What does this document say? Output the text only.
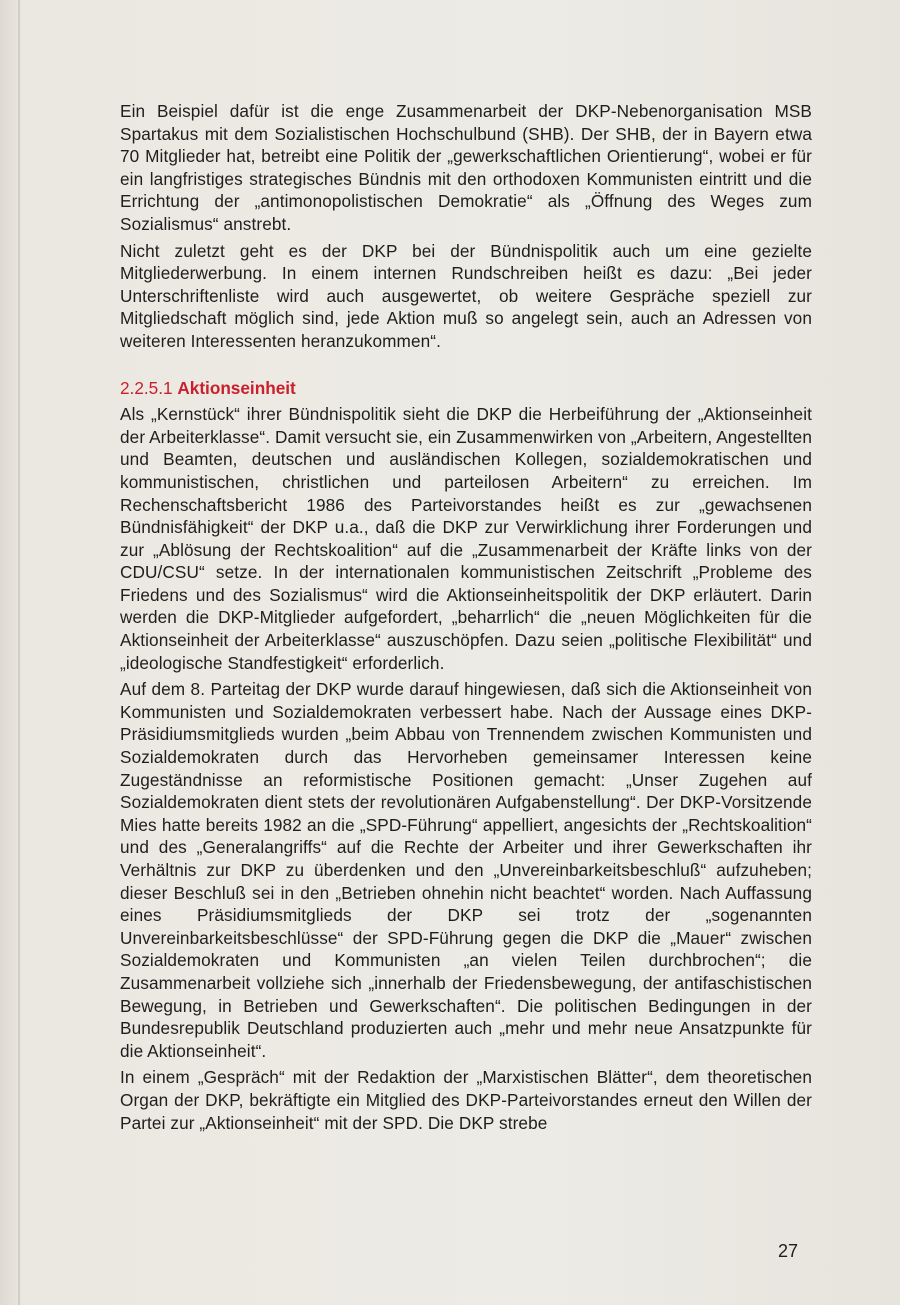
Ein Beispiel dafür ist die enge Zusammenarbeit der DKP-Nebenorganisation MSB Spartakus mit dem Sozialistischen Hochschulbund (SHB). Der SHB, der in Bayern etwa 70 Mitglieder hat, betreibt eine Politik der „gewerkschaftlichen Orientierung“, wobei er für ein langfristiges strategisches Bündnis mit den orthodoxen Kommunisten eintritt und die Errichtung der „antimonopolistischen Demokratie“ als „Öffnung des Weges zum Sozialismus“ anstrebt.

Nicht zuletzt geht es der DKP bei der Bündnispolitik auch um eine gezielte Mitgliederwerbung. In einem internen Rundschreiben heißt es dazu: „Bei jeder Unterschriftenliste wird auch ausgewertet, ob weitere Gespräche speziell zur Mitgliedschaft möglich sind, jede Aktion muß so angelegt sein, auch an Adressen von weiteren Interessenten heranzukommen“.

2.2.5.1 Aktionseinheit

Als „Kernstück“ ihrer Bündnispolitik sieht die DKP die Herbeiführung der „Aktionseinheit der Arbeiterklasse“. Damit versucht sie, ein Zusammenwirken von „Arbeitern, Angestellten und Beamten, deutschen und ausländischen Kollegen, sozialdemokratischen und kommunistischen, christlichen und parteilosen Arbeitern“ zu erreichen. Im Rechenschaftsbericht 1986 des Parteivorstandes heißt es zur „gewachsenen Bündnisfähigkeit“ der DKP u.a., daß die DKP zur Verwirklichung ihrer Forderungen und zur „Ablösung der Rechtskoalition“ auf die „Zusammenarbeit der Kräfte links von der CDU/CSU“ setze. In der internationalen kommunistischen Zeitschrift „Probleme des Friedens und des Sozialismus“ wird die Aktionseinheitspolitik der DKP erläutert. Darin werden die DKP-Mitglieder aufgefordert, „beharrlich“ die „neuen Möglichkeiten für die Aktionseinheit der Arbeiterklasse“ auszuschöpfen. Dazu seien „politische Flexibilität“ und „ideologische Standfestigkeit“ erforderlich.

Auf dem 8. Parteitag der DKP wurde darauf hingewiesen, daß sich die Aktionseinheit von Kommunisten und Sozialdemokraten verbessert habe. Nach der Aussage eines DKP-Präsidiumsmitglieds wurden „beim Abbau von Trennendem zwischen Kommunisten und Sozialdemokraten durch das Hervorheben gemeinsamer Interessen keine Zugeständnisse an reformistische Positionen gemacht: „Unser Zugehen auf Sozialdemokraten dient stets der revolutionären Aufgabenstellung“. Der DKP-Vorsitzende Mies hatte bereits 1982 an die „SPD-Führung“ appelliert, angesichts der „Rechtskoalition“ und des „Generalangriffs“ auf die Rechte der Arbeiter und ihrer Gewerkschaften ihr Verhältnis zur DKP zu überdenken und den „Unvereinbarkeitsbeschluß“ aufzuheben; dieser Beschluß sei in den „Betrieben ohnehin nicht beachtet“ worden. Nach Auffassung eines Präsidiumsmitglieds der DKP sei trotz der „sogenannten Unvereinbarkeitsbeschlüsse“ der SPD-Führung gegen die DKP die „Mauer“ zwischen Sozialdemokraten und Kommunisten „an vielen Teilen durchbrochen“; die Zusammenarbeit vollziehe sich „innerhalb der Friedensbewegung, der antifaschistischen Bewegung, in Betrieben und Gewerkschaften“. Die politischen Bedingungen in der Bundesrepublik Deutschland produzierten auch „mehr und mehr neue Ansatzpunkte für die Aktionseinheit“.

In einem „Gespräch“ mit der Redaktion der „Marxistischen Blätter“, dem theoretischen Organ der DKP, bekräftigte ein Mitglied des DKP-Parteivorstandes erneut den Willen der Partei zur „Aktionseinheit“ mit der SPD. Die DKP strebe

27
